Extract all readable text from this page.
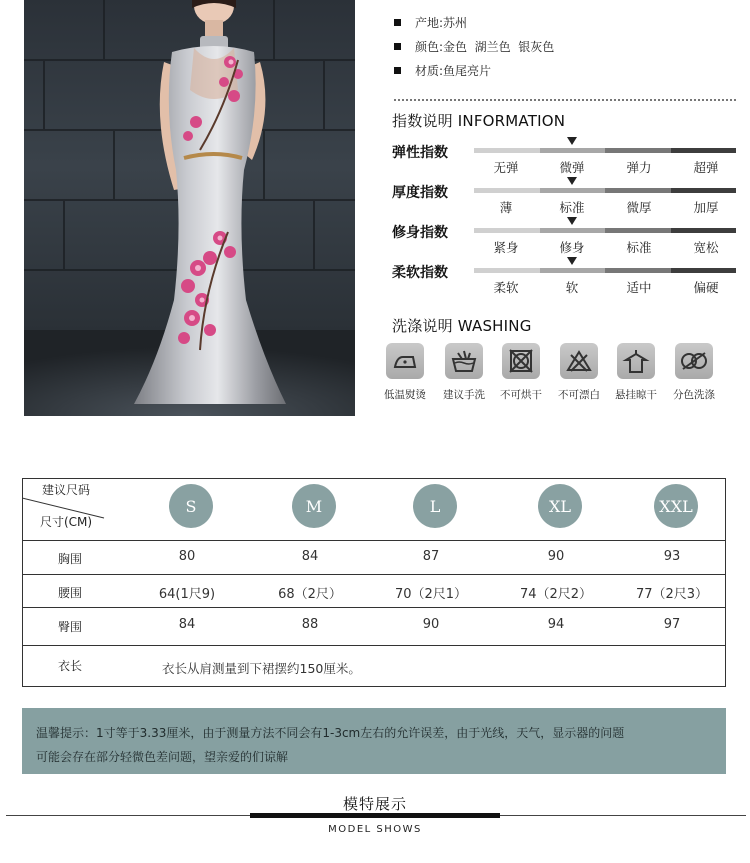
产地: 苏州
颜色: 金色  湖兰色  银灰色
材质: 鱼尾亮片
指数说明 INFORMATION
弹性指数
无弹	微弹	弹力	超弹
厚度指数
薄	标准	微厚	加厚
修身指数
紧身	修身	标准	宽松
柔软指数
柔软	软	适中	偏硬
洗涤说明 WASHING
低温熨烫	建议手洗	不可烘干	不可漂白	悬挂晾干	分色洗涤
建议尺码
尺寸(CM)
S	M	L	XL	XXL
胸围	80	84	87	90	93
腰围	64(1尺9)	68（2尺）	70（2尺1）	74（2尺2）	77（2尺3）
臀围	84	88	90	94	97
衣长	衣长从肩测量到下裙摆约150厘米。
温馨提示：1寸等于3.33厘米，由于测量方法不同会有1-3cm左右的允许误差，由于光线，天气，显示器的问题
可能会存在部分轻微色差问题，望亲爱的们谅解
模特展示
MODEL SHOWS
